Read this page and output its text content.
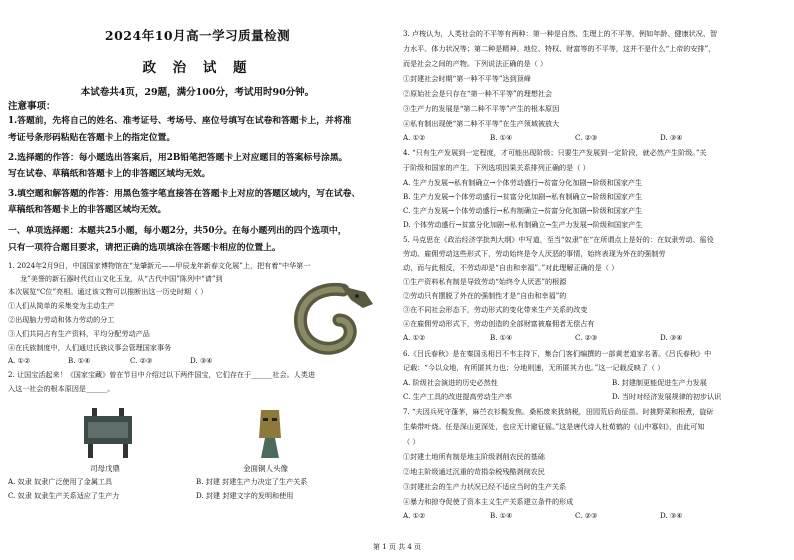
2024年10月高一学习质量检测
政 治 试 题
本试卷共4页，29题，满分100分，考试用时90分钟。
注意事项：
1.答题前，先将自己的姓名、准考证号、考场号、座位号填写在试卷和答题卡上，并将准
考证号条形码粘贴在答题卡上的指定位置。
2.选择题的作答：每小题选出答案后，用2B铅笔把答题卡上对应题目的答案标号涂黑。
写在试卷、草稿纸和答题卡上的非答题区域均无效。
3.填空题和解答题的作答：用黑色签字笔直接答在答题卡上对应的答题区域内，写在试卷、
草稿纸和答题卡上的非答题区域均无效。
一、单项选择题：本题共25小题，每小题2分，共50分。在每小题列出的四个选项中，
只有一项符合题目要求，请把正确的选项填涂在答题卡相应的位置上。
1. 2024年2月9日，中国国家博物馆在“龙肇新元——甲辰龙年新春文化展”上，把有着“中华第一
龙”美誉的新石器时代红山文化玉龙，从“古代中国”陈列中“请”到
本次展览“C位”亮相。通过该文物可以推断出这一历史时期（ ）
①人们从简单的采集变为主动生产
②出现脑力劳动和体力劳动的分工
③人们共同占有生产资料，平均分配劳动产品
④在氏族制度中，人们通过氏族议事会管理国家事务
A. ①②	B. ①④	C. ②③	D. ③④
2. 让国宝活起来！《国家宝藏》曾在节目中介绍过以下两件国宝，它们存在于______社会。人类进
入这一社会的根本原因是______。
司母戊鼎	金面铜人头像
A. 奴隶 奴隶广泛使用了金属工具	B. 封建 封建生产力决定了生产关系
C. 奴隶 奴隶生产关系适应了生产力	D. 封建 封建文字的发明和使用
3. 卢梭认为，人类社会的不平等有两种：第一种是自然、生理上的不平等，例如年龄、健康状况、智
力水平、体力状况等；第二种是精神、地位、特权、财富等的不平等，这并不是什么“上帝的安排”，
而是社会之间的产物。下列说法正确的是（ ）
①封建社会时期“第一种不平等”达到顶峰
②原始社会是只存在“第一种不平等”的理想社会
③生产力的发展是“第二种不平等”产生的根本原因
④私有制出现使“第二种不平等”在生产领域被放大
A. ①②	B. ①④	C. ②③	D. ③④
4. “只有生产发展到一定程度，才可能出现阶级；只要生产发展到一定阶段，就必然产生阶级。”关
于阶级和国家的产生，下列选项因果关系排列正确的是（ ）
A. 生产力发展→私有制确立→个体劳动盛行→贫富分化加剧→阶级和国家产生
B. 生产力发展→个体劳动盛行→贫富分化加剧→私有制确立→阶级和国家产生
C. 生产力发展→个体劳动盛行→私有制确立→贫富分化加剧→阶级和国家产生
D. 个体劳动盛行→贫富分化加剧→私有制确立→生产力发展→阶级和国家产生
5. 马克思在《政治经济学批判大纲》中写道，至当“奴隶”在“在所谓点上是好的：在奴隶劳动、徭役
劳动、雇佣劳动这些形式下，劳动始终是令人厌恶的事情，始终表现为外在的强制劳
动，而与此相反，不劳动却是“自由和幸福”。”对此理解正确的是（ ）
①生产资料私有制是导致劳动“始终令人厌恶”的根源
②劳动只有摆脱了外在的强制性才是“自由和幸福”的
③在不同社会形态下，劳动形式的变化带来生产关系的改变
④在雇佣劳动形式下，劳动创造的全部财富被雇佣者无偿占有
A. ①②	B. ①④	C. ②③	D. ③④
6.《吕氏春秋》是在秦国丞相吕不韦主持下，集合门客们编撰的一部黄老道家名著。《吕氏春秋》中
记载：“今以众地，有所匿其力也；分地则速，无所匿其力也。”这一记载反映了（ ）
A. 阶级社会演进的历史必然性	B. 封建制更能促进生产力发展
C. 生产工具的改进提高劳动生产率	D. 当时对经济发展规律的初步认识
7. “夫因兵死守蓬茅，麻苎衣衫鬓发焦。桑柘废来犹纳税，田园荒后尚征苗。时挑野菜和根煮，旋斫
生柴带叶烧。任是深山更深处，也应无计避征徭。”这是唐代诗人杜荀鹤的《山中寡妇》，由此可知
（ ）
①封建土地所有制是地主阶级剥削农民的基础
②地主阶级通过沉重的苛捐杂税残酷剥削农民
③封建社会的生产力状况已经不适应当时的生产关系
④暴力和掠夺促使了资本主义生产关系建立条件的形成
A. ①②	B. ①④	C. ②③	D. ③④
第 1 页 共 4 页
